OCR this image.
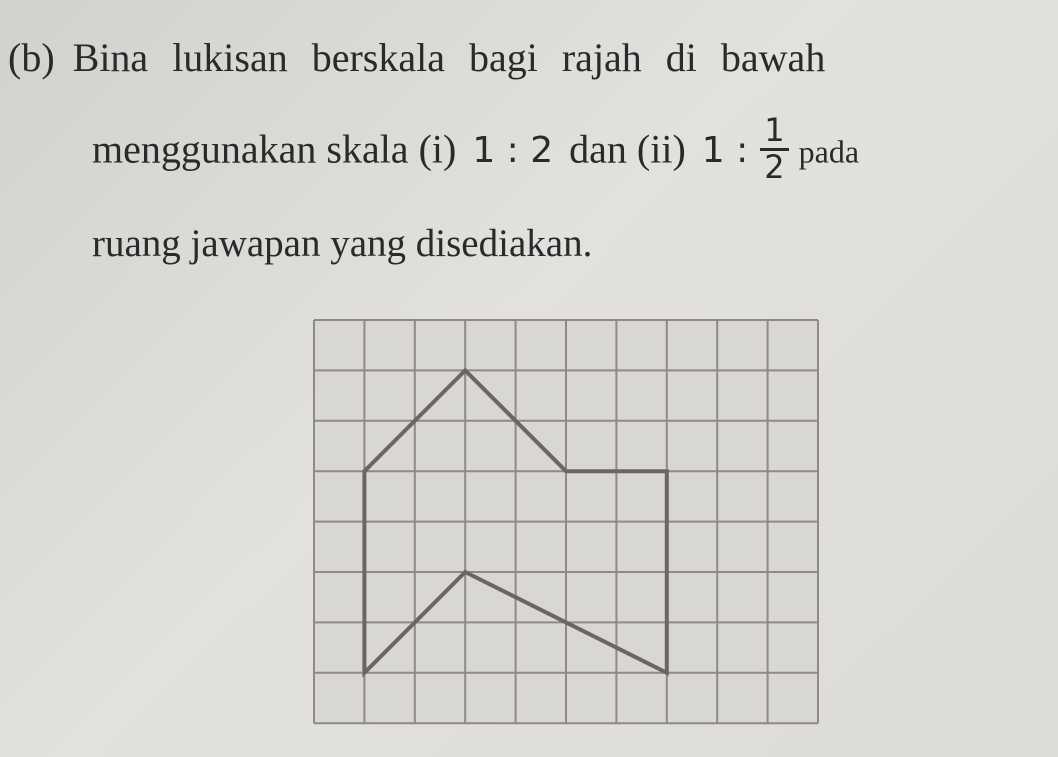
(b) Bina lukisan berskala bagi rajah di bawah
menggunakan skala (i) 1 : 2 dan (ii) 1 : $\frac{1}{2}$ pada
ruang jawapan yang disediakan.
